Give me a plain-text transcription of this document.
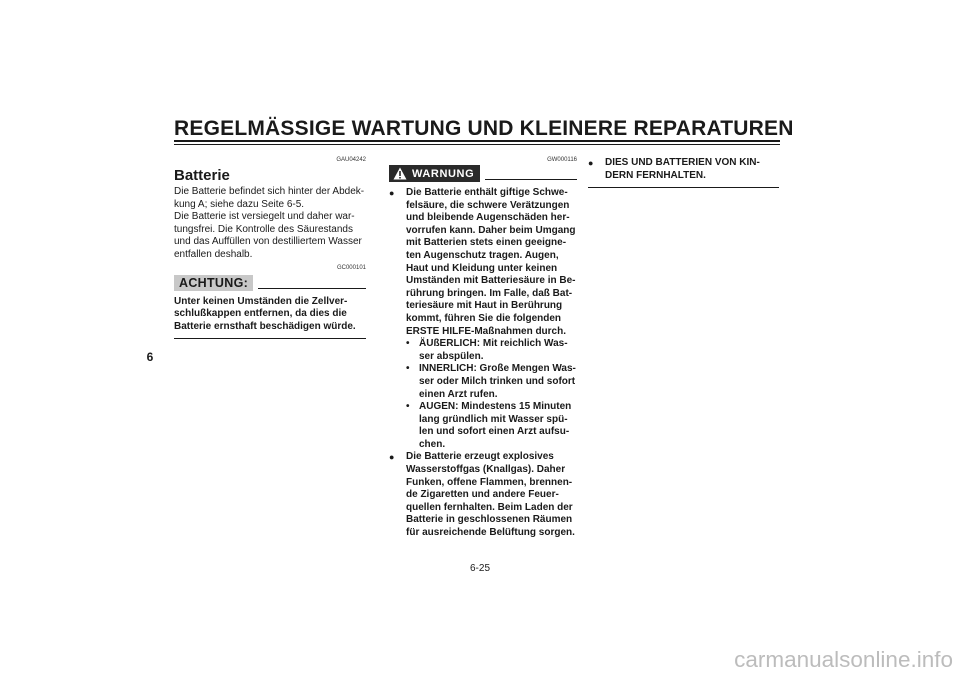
REGELMÄSSIGE WARTUNG UND KLEINERE REPARATUREN
6
GAU04242
Batterie

Die Batterie befindet sich hinter der Abdek-

kung A; siehe dazu Seite 6-5.

Die Batterie ist versiegelt und daher war-

tungsfrei. Die Kontrolle des Säurestands

und das Auffüllen von destilliertem Wasser

entfallen deshalb.

GC000101
ACHTUNG:
Unter keinen Umständen die Zellver-
schlußkappen entfernen, da dies die
Batterie ernsthaft beschädigen würde.
GW000116
WARNUNG
●	Die Batterie enthält giftige Schwe-
felsäure, die schwere Verätzungen
und bleibende Augenschäden her-
vorrufen kann. Daher beim Umgang
mit Batterien stets einen geeigne-
ten Augenschutz tragen. Augen,
Haut und Kleidung unter keinen
Umständen mit Batteriesäure in Be-
rührung bringen. Im Falle, daß Bat-
teriesäure mit Haut in Berührung
kommt, führen Sie die folgenden
ERSTE HILFE-Maßnahmen durch.
• ÄUßERLICH: Mit reichlich Was-
ser abspülen.
• INNERLICH: Große Mengen Was-
ser oder Milch trinken und sofort
einen Arzt rufen.
• AUGEN: Mindestens 15 Minuten
lang gründlich mit Wasser spü-
len und sofort einen Arzt aufsu-
chen.
●	Die Batterie erzeugt explosives
Wasserstoffgas (Knallgas). Daher
Funken, offene Flammen, brennen-
de Zigaretten und andere Feuer-
quellen fernhalten. Beim Laden der
Batterie in geschlossenen Räumen
für ausreichende Belüftung sorgen.
●	DIES UND BATTERIEN VON KIN-
DERN FERNHALTEN.
6-25
carmanualsonline.info
